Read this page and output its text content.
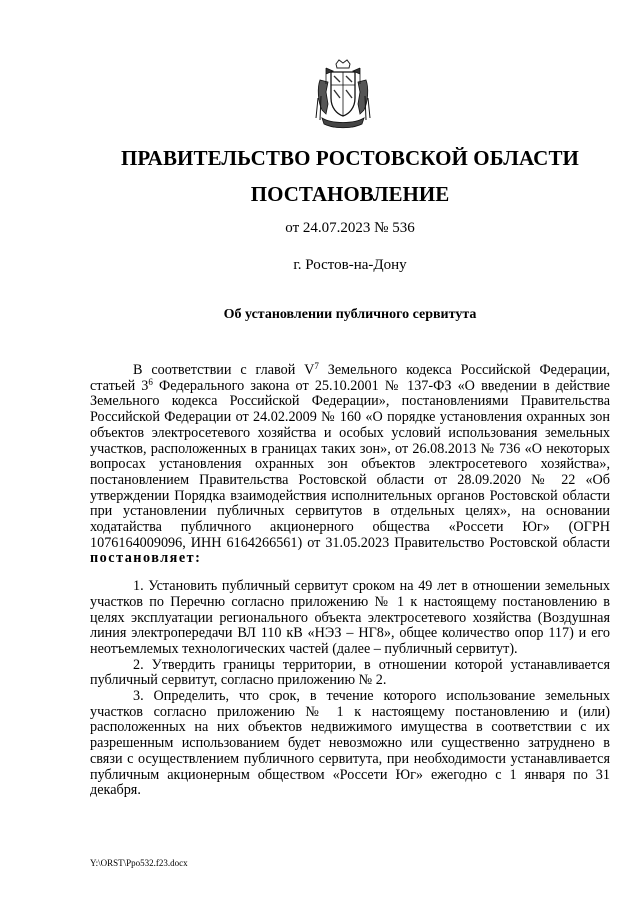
ПРАВИТЕЛЬСТВО РОСТОВСКОЙ ОБЛАСТИ
ПОСТАНОВЛЕНИЕ
от 24.07.2023 № 536
г. Ростов-на-Дону
Об установлении публичного сервитута

В соответствии с главой $V^7$ Земельного кодекса Российской Федерации, статьей $3^6$ Федерального закона от 25.10.2001 № 137-ФЗ «О введении в действие Земельного кодекса Российской Федерации», постановлениями Правительства Российской Федерации от 24.02.2009 № 160 «О порядке установления охранных зон объектов электросетевого хозяйства и особых условий использования земельных участков, расположенных в границах таких зон», от 26.08.2013 № 736 «О некоторых вопросах установления охранных зон объектов электросетевого хозяйства», постановлением Правительства Ростовской области от 28.09.2020 № 22 «Об утверждении Порядка взаимодействия исполнительных органов Ростовской области при установлении публичных сервитутов в отдельных целях», на основании ходатайства публичного акционерного общества «Россети Юг» (ОГРН 1076164009096, ИНН 6164266561) от 31.05.2023 Правительство Ростовской области постановляет:

1. Установить публичный сервитут сроком на 49 лет в отношении земельных участков по Перечню согласно приложению № 1 к настоящему постановлению в целях эксплуатации регионального объекта электросетевого хозяйства (Воздушная линия электропередачи ВЛ 110 кВ «НЭЗ – НГ8», общее количество опор 117) и его неотъемлемых технологических частей (далее – публичный сервитут).

2. Утвердить границы территории, в отношении которой устанавливается публичный сервитут, согласно приложению № 2.

3. Определить, что срок, в течение которого использование земельных участков согласно приложению № 1 к настоящему постановлению и (или) расположенных на них объектов недвижимого имущества в соответствии с их разрешенным использованием будет невозможно или существенно затруднено в связи с осуществлением публичного сервитута, при необходимости устанавливается публичным акционерным обществом «Россети Юг» ежегодно с 1 января по 31 декабря.

Y:\ORST\Ppo532.f23.docx
